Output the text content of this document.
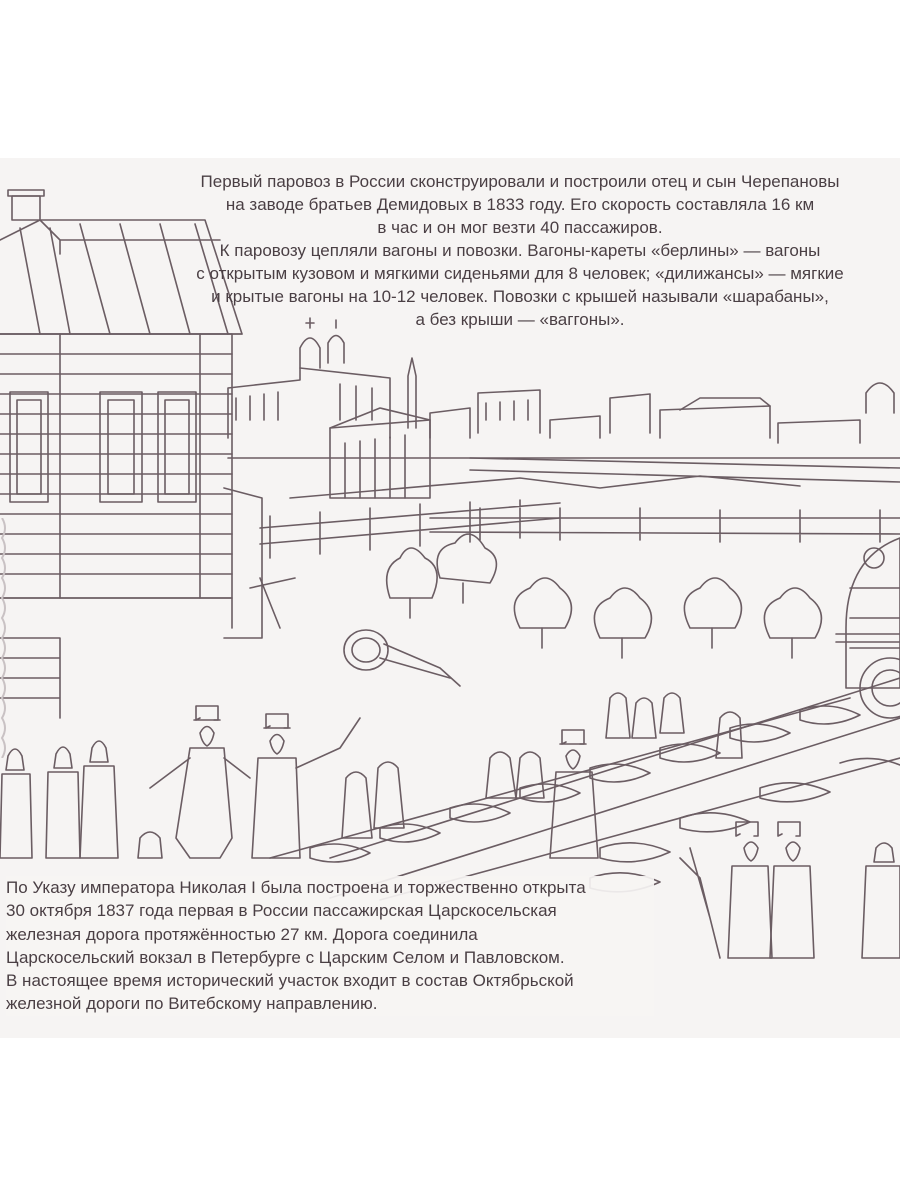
Первый паровоз в России сконструировали и построили отец и сын Черепановы
на заводе братьев Демидовых в 1833 году. Его скорость составляла 16 км
в час и он мог везти 40 пассажиров.
К паровозу цепляли вагоны и повозки. Вагоны-кареты «берлины» — вагоны
с открытым кузовом и мягкими сиденьями для 8 человек; «дилижансы» — мягкие
и крытые вагоны на 10-12 человек. Повозки с крышей называли «шарабаны»,
а без крыши — «ваггоны».
По Указу императора Николая I была построена и торжественно открыта
30 октября 1837 года первая в России пассажирская Царскосельская
железная дорога протяжённостью 27 км. Дорога соединила
Царскосельский вокзал в Петербурге с Царским Селом и Павловском.
В настоящее время исторический участок входит в состав Октябрьской
железной дороги по Витебскому направлению.
